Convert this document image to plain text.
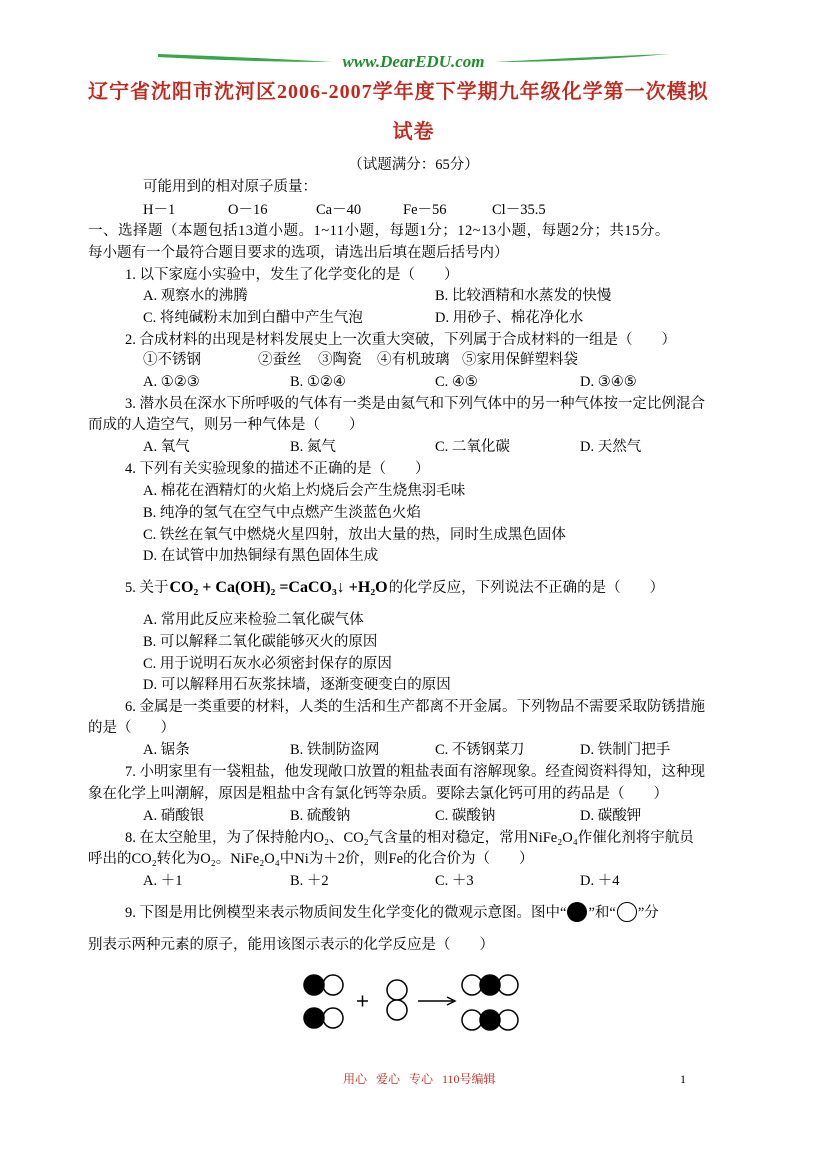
www.DearEDU.com
辽宁省沈阳市沈河区2006-2007学年度下学期九年级化学第一次模拟
试卷
（试题满分：65分）
可能用到的相对原子质量：
H－1	O－16	Ca－40	Fe－56	Cl－35.5
一、选择题（本题包括13道小题。1~11小题，每题1分；12~13小题，每题2分；共15分。
每小题有一个最符合题目要求的选项，请选出后填在题后括号内）
1. 以下家庭小实验中，发生了化学变化的是（　　）
A. 观察水的沸腾	B. 比较酒精和水蒸发的快慢
C. 将纯碱粉末加到白醋中产生气泡	D. 用砂子、棉花净化水
2. 合成材料的出现是材料发展史上一次重大突破，下列属于合成材料的一组是（　　）
①不锈钢	②蚕丝 ③陶瓷 ④有机玻璃 ⑤家用保鲜塑料袋
A. ①②③	B. ①②④	C. ④⑤	D. ③④⑤
3. 潜水员在深水下所呼吸的气体有一类是由氦气和下列气体中的另一种气体按一定比例混合
而成的人造空气，则另一种气体是（　　）
A. 氧气	B. 氮气	C. 二氧化碳	D. 天然气
4. 下列有关实验现象的描述不正确的是（　　）
A. 棉花在酒精灯的火焰上灼烧后会产生烧焦羽毛味
B. 纯净的氢气在空气中点燃产生淡蓝色火焰
C. 铁丝在氧气中燃烧火星四射，放出大量的热，同时生成黑色固体
D. 在试管中加热铜绿有黑色固体生成
5. 关于CO₂ + Ca(OH)₂ =CaCO₃↓ +H₂O的化学反应，下列说法不正确的是（　　）
A. 常用此反应来检验二氧化碳气体
B. 可以解释二氧化碳能够灭火的原因
C. 用于说明石灰水必须密封保存的原因
D. 可以解释用石灰浆抹墙，逐渐变硬变白的原因
6. 金属是一类重要的材料，人类的生活和生产都离不开金属。下列物品不需要采取防锈措施
的是（　　）
A. 锯条	B. 铁制防盗网	C. 不锈钢菜刀	D. 铁制门把手
7. 小明家里有一袋粗盐，他发现敞口放置的粗盐表面有溶解现象。经查阅资料得知，这种现
象在化学上叫潮解，原因是粗盐中含有氯化钙等杂质。要除去氯化钙可用的药品是（　　）
A. 硝酸银	B. 硫酸钠	C. 碳酸钠	D. 碳酸钾
8. 在太空舱里，为了保持舱内O₂、CO₂气含量的相对稳定，常用NiFe₂O₄作催化剂将宇航员
呼出的CO₂转化为O₂。NiFe₂O₄中Ni为＋2价，则Fe的化合价为（　　）
A. ＋1	B. ＋2	C. ＋3	D. ＋4
9. 下图是用比例模型来表示物质间发生化学变化的微观示意图。图中“ ”和“ ”分
别表示两种元素的原子，能用该图示表示的化学反应是（　　）
用心 爱心 专心 110号编辑	1
